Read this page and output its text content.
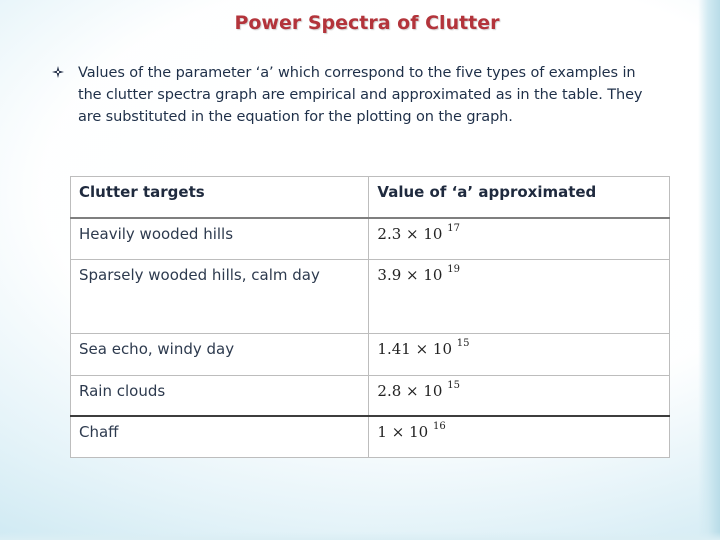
Power Spectra of Clutter
Values of the parameter ‘a’ which correspond to the five types of examples in the clutter spectra graph are empirical and approximated as in the table. They are substituted in the equation for the plotting on the graph.
Clutter targets	Value of ‘a’ approximated
Heavily wooded hills	2.3 × 10 $^{17}$
Sparsely wooded hills, calm day	3.9 × 10 $^{19}$
Sea echo, windy day	1.41 × 10 $^{15}$
Rain clouds	2.8 × 10 $^{15}$
Chaff	1 × 10 $^{16}$
